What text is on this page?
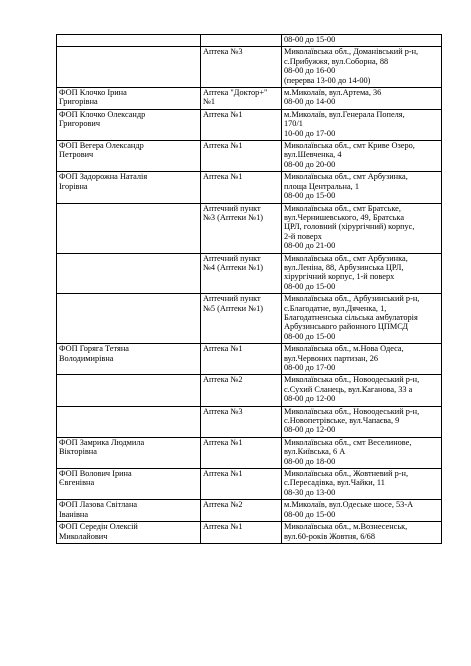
		08-00 до 15-00

	Аптека №3	Миколаївська обл., Доманівський р-н,
с.Прибужжя, вул.Соборна, 88
08-00 до 16-00
(перерва 13-00 до 14-00)

ФОП Клочко Ірина
Григорівна	Аптека "Доктор+"
№1	м.Миколаїв, вул.Артема, 36
08-00 до 14-00

ФОП Клочко Олександр
Григорович	Аптека №1	м.Миколаїв, вул.Генерала Попеля,
170/1
10-00 до 17-00

ФОП Вегера Олександр
Петрович	Аптека №1	Миколаївська обл., смт Криве Озеро,
вул.Шевченка, 4
08-00 до 20-00

ФОП Задорожна Наталія
Ігорівна	Аптека №1	Миколаївська обл., смт Арбузинка,
площа Центральна, 1
08-00 до 15-00

	Аптечний пункт
№3 (Аптеки №1)	Миколаївська обл., смт Братське,
вул.Чернишевського, 49, Братська
ЦРЛ, головний (хірургічний) корпус,
2-й поверх
08-00 до 21-00

	Аптечний пункт
№4 (Аптеки №1)	Миколаївська обл., смт Арбузинка,
вул.Леніна, 88, Арбузинська ЦРЛ,
хірургічний корпус, 1-й поверх
08-00 до 15-00

	Аптечний пункт
№5 (Аптеки №1)	Миколаївська обл., Арбузинський р-н,
с.Благодатне, вул.Дяченка, 1,
Благодатненська сільська амбулаторія
Арбузинського районного ЦПМСД
08-00 до 15-00

ФОП Горяга Тетяна
Володимирівна	Аптека №1	Миколаївська обл., м.Нова Одеса,
вул.Червоних партизан, 26
08-00 до 17-00

	Аптека №2	Миколаївська обл., Новоодеський р-н,
с.Сухий Сланець, вул.Каганова, 33 а
08-00 до 12-00

	Аптека №3	Миколаївська обл., Новоодеський р-н,
с.Новопетрівське, вул.Чапаєва, 9
08-00 до 12-00

ФОП Замрика Людмила
Вікторівна	Аптека №1	Миколаївська обл., смт Веселинове,
вул.Київська, 6 А
08-00 до 18-00

ФОП Волович Ірина
Євгенівна	Аптека №1	Миколаївська обл., Жовтневий р-н,
с.Пересадівка, вул.Чайки, 11
08-30 до 13-00

ФОП Лазова Світлана
Іванівна	Аптека №2	м.Миколаїв, вул.Одеське шосе, 53-А
08-00 до 15-00

ФОП Середін Олексій
Миколайович	Аптека №1	Миколаївська обл., м.Вознесенськ,
вул.60-років Жовтня, 6/68
